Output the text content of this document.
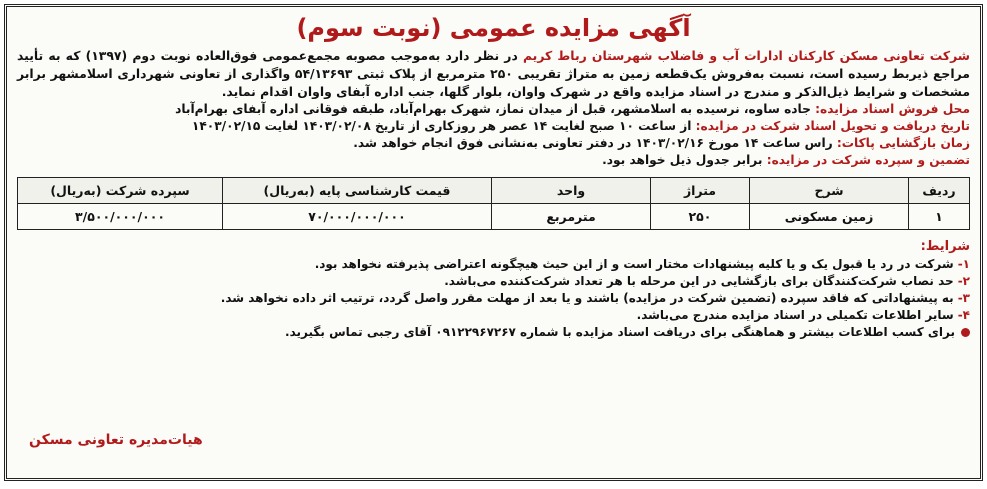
آگهی مزایده عمومی (نوبت سوم)

شرکت تعاونی مسکن کارکنان ادارات آب و فاضلاب شهرستان رباط کریم در نظر دارد به‌موجب مصوبه مجمع‌عمومی فوق‌العاده نوبت دوم (۱۳۹۷) که به تأیید مراجع ذیربط رسیده است، نسبت به‌فروش یک‌قطعه زمین به متراژ تقریبی ۲۵۰ مترمربع از پلاک ثبتی ۵۴/۱۳۶۹۳ واگذاری از تعاونی شهرداری اسلامشهر برابر مشخصات و شرایط ذیل‌الذکر و مندرج در اسناد مزایده واقع در شهرک واوان، بلوار گلها، جنب اداره آبفای واوان اقدام نماید.

محل فروش اسناد مزایده: جاده ساوه، نرسیده به اسلامشهر، قبل از میدان نماز، شهرک بهرام‌آباد، طبقه فوقانی اداره آبفای بهرام‌آباد

تاریخ دریافت و تحویل اسناد شرکت در مزایده: از ساعت ۱۰ صبح لغایت ۱۴ عصر هر روزکاری از تاریخ ۱۴۰۳/۰۲/۰۸ لغایت ۱۴۰۳/۰۲/۱۵

زمان بازگشایی پاکات: راس ساعت ۱۴ مورخ ۱۴۰۳/۰۲/۱۶ در دفتر تعاونی به‌نشانی فوق انجام خواهد شد.

تضمین و سپرده شرکت در مزایده: برابر جدول ذیل خواهد بود.

ردیف	شرح	متراژ	واحد	قیمت کارشناسی پایه (به‌ریال)	سپرده شرکت (به‌ریال)
۱	زمین مسکونی	۲۵۰	مترمربع	۷۰/۰۰۰/۰۰۰/۰۰۰	۳/۵۰۰/۰۰۰/۰۰۰
شرایط:

۱-شرکت در رد یا قبول یک و یا کلیه پیشنهادات مختار است و از این حیث هیچگونه اعتراضی پذیرفته نخواهد بود.

۲-حد نصاب شرکت‌کنندگان برای بازگشایی در این مرحله با هر تعداد شرکت‌کننده می‌باشد.

۳-به پیشنهاداتی که فاقد سپرده (تضمین شرکت در مزایده) باشند و یا بعد از مهلت مقرر واصل گردد، ترتیب اثر داده نخواهد شد.

۴-سایر اطلاعات تکمیلی در اسناد مزایده مندرج می‌باشد.

برای کسب اطلاعات بیشتر و هماهنگی برای دریافت اسناد مزایده با شماره ۰۹۱۲۲۹۶۷۲۶۷ آقای رجبی تماس بگیرید.

هیات‌مدیره تعاونی مسکن
